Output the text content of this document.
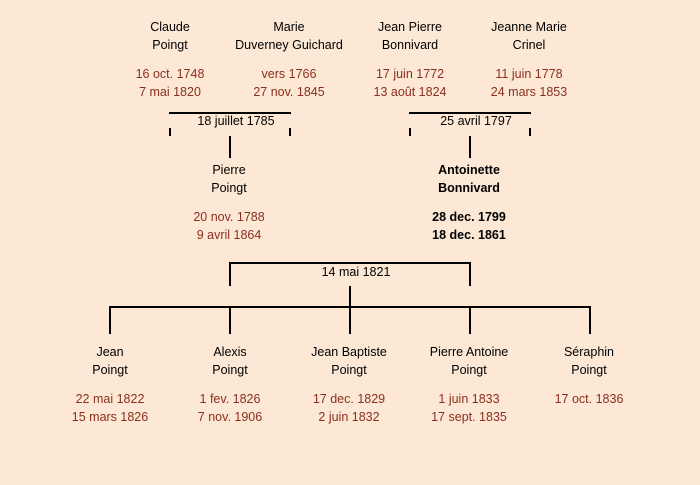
Claude
Poingt
16 oct. 1748
7 mai 1820
Marie
Duverney Guichard
vers 1766
27 nov. 1845
Jean Pierre
Bonnivard
17 juin 1772
13 août 1824
Jeanne Marie
Crinel
11 juin 1778
24 mars 1853
18 juillet 1785	25 avril 1797
Pierre
Poingt
20 nov. 1788
9 avril 1864
Antoinette
Bonnivard
28 dec. 1799
18 dec. 1861
14 mai 1821
Jean
Poingt
22 mai 1822
15 mars 1826
Alexis
Poingt
1 fev. 1826
7 nov. 1906
Jean Baptiste
Poingt
17 dec. 1829
2 juin 1832
Pierre Antoine
Poingt
1 juin 1833
17 sept. 1835
Séraphin
Poingt
17 oct. 1836
